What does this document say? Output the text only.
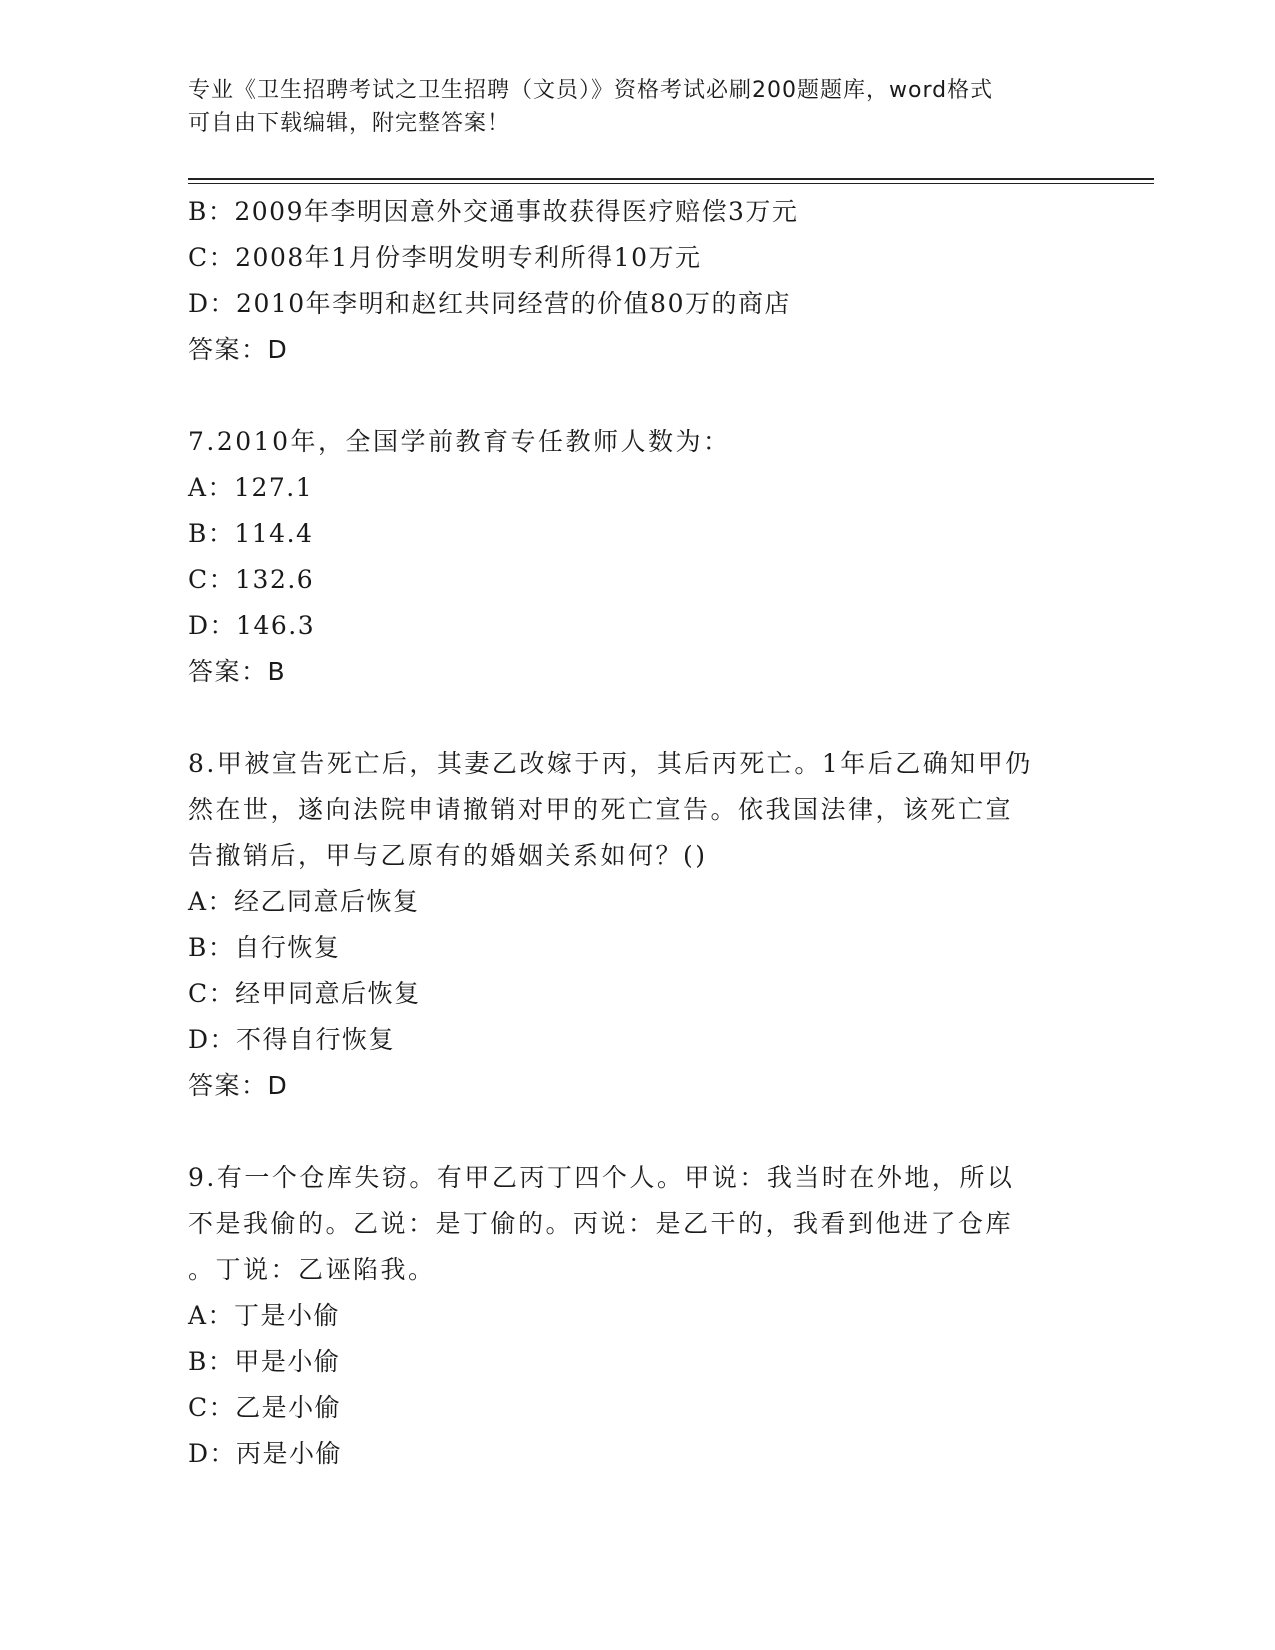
专业《卫生招聘考试之卫生招聘（文员）》资格考试必刷200题题库，word格式
可自由下载编辑，附完整答案！
B：2009年李明因意外交通事故获得医疗赔偿3万元
C：2008年1月份李明发明专利所得10万元
D：2010年李明和赵红共同经营的价值80万的商店
答案：D
7.2010年，全国学前教育专任教师人数为：
A：127.1
B：114.4
C：132.6
D：146.3
答案：B
8.甲被宣告死亡后，其妻乙改嫁于丙，其后丙死亡。1年后乙确知甲仍
然在世，遂向法院申请撤销对甲的死亡宣告。依我国法律，该死亡宣
告撤销后，甲与乙原有的婚姻关系如何？()
A：经乙同意后恢复
B：自行恢复
C：经甲同意后恢复
D：不得自行恢复
答案：D
9.有一个仓库失窃。有甲乙丙丁四个人。甲说：我当时在外地，所以
不是我偷的。乙说：是丁偷的。丙说：是乙干的，我看到他进了仓库
。丁说：乙诬陷我。
A：丁是小偷
B：甲是小偷
C：乙是小偷
D：丙是小偷
